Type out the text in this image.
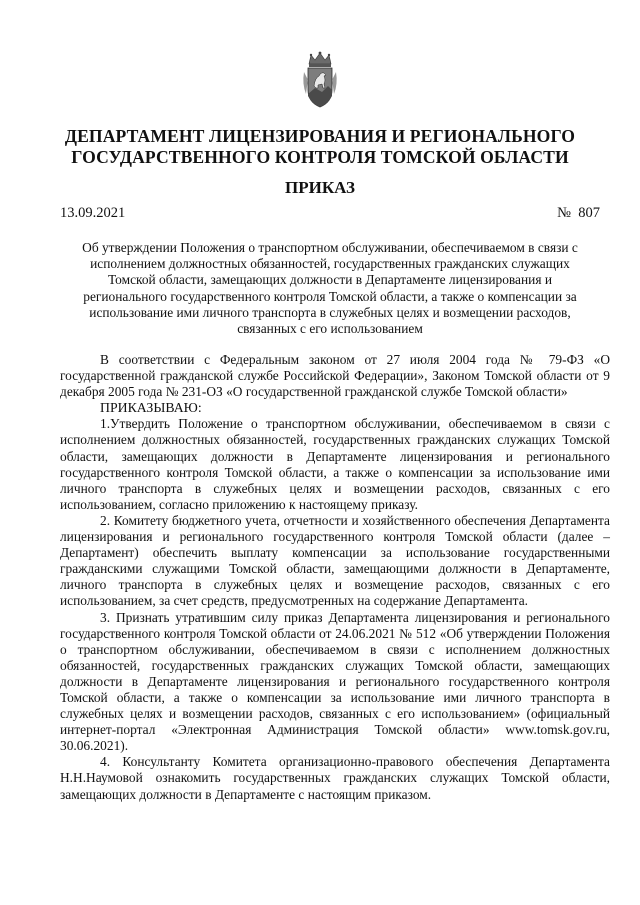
ДЕПАРТАМЕНТ ЛИЦЕНЗИРОВАНИЯ И РЕГИОНАЛЬНОГО
ГОСУДАРСТВЕННОГО КОНТРОЛЯ ТОМСКОЙ ОБЛАСТИ
ПРИКАЗ
13.09.2021	№  807
Об утверждении Положения о транспортном обслуживании, обеспечиваемом в связи с
исполнением должностных обязанностей, государственных гражданских служащих
Томской области, замещающих должности в Департаменте лицензирования и
регионального государственного контроля Томской области, а также о компенсации за
использование ими личного транспорта в служебных целях и возмещении расходов,
связанных с его использованием

В соответствии с Федеральным законом от 27 июля 2004 года № 79-ФЗ «О государственной гражданской службе Российской Федерации», Законом Томской области от 9 декабря 2005 года № 231-ОЗ «О государственной гражданской службе Томской области»

ПРИКАЗЫВАЮ:

1.Утвердить Положение о транспортном обслуживании, обеспечиваемом в связи с исполнением должностных обязанностей, государственных гражданских служащих Томской области, замещающих должности в Департаменте лицензирования и регионального государственного контроля Томской области, а также о компенсации за использование ими личного транспорта в служебных целях и возмещении расходов, связанных с его использованием, согласно приложению к настоящему приказу.

2. Комитету бюджетного учета, отчетности и хозяйственного обеспечения Департамента лицензирования и регионального государственного контроля Томской области (далее – Департамент) обеспечить выплату компенсации за использование государственными гражданскими служащими Томской области, замещающими должности в Департаменте, личного транспорта в служебных целях и возмещение расходов, связанных с его использованием, за счет средств, предусмотренных на содержание Департамента.

3. Признать утратившим силу приказ Департамента лицензирования и регионального государственного контроля Томской области от 24.06.2021 № 512 «Об утверждении Положения о транспортном обслуживании, обеспечиваемом в связи с исполнением должностных обязанностей, государственных гражданских служащих Томской области, замещающих должности в Департаменте лицензирования и регионального государственного контроля Томской области, а также о компенсации за использование ими личного транспорта в служебных целях и возмещении расходов, связанных с его использованием» (официальный интернет-портал «Электронная Администрация Томской области» www.tomsk.gov.ru, 30.06.2021).

4. Консультанту Комитета организационно-правового обеспечения Департамента Н.Н.Наумовой ознакомить государственных гражданских служащих Томской области, замещающих должности в Департаменте с настоящим приказом.
